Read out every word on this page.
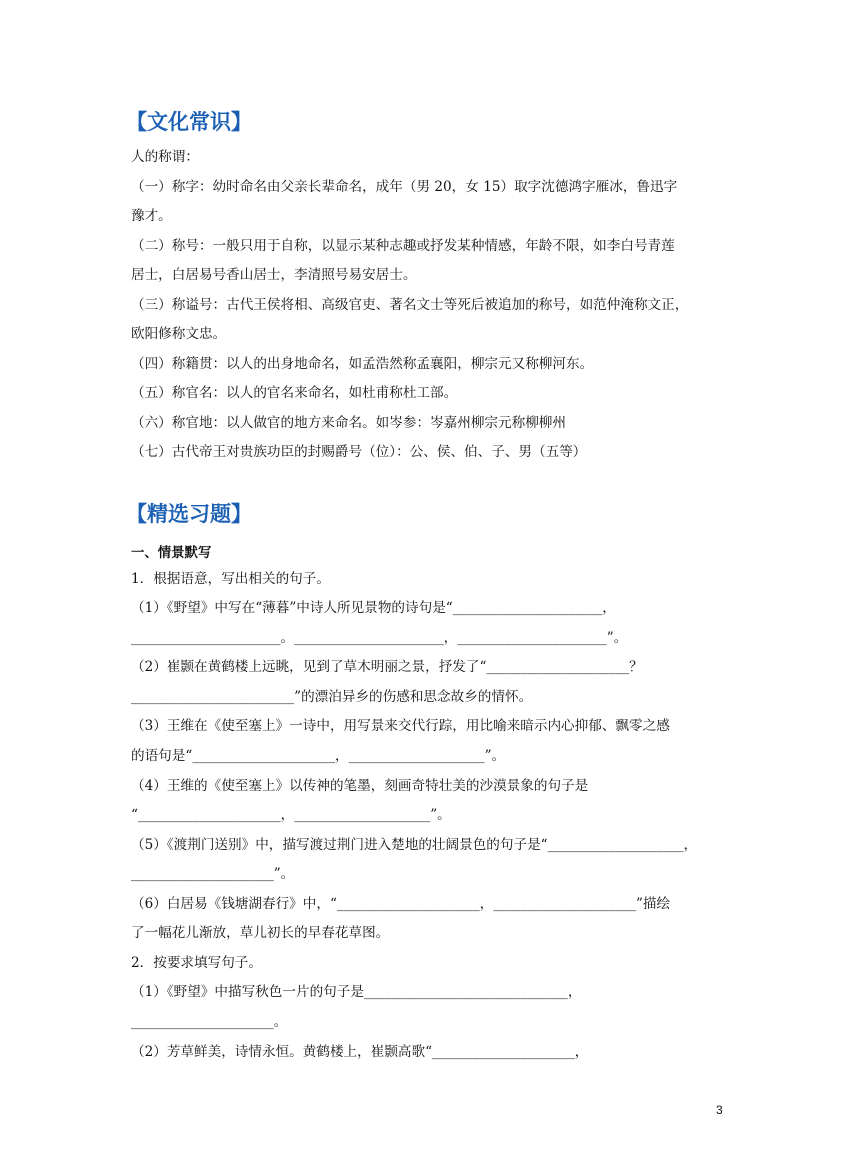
【文化常识】
人的称谓：
（一）称字：幼时命名由父亲长辈命名，成年（男 20，女 15）取字沈德鸿字雁冰，鲁迅字
豫才。
（二）称号：一般只用于自称，以显示某种志趣或抒发某种情感，年龄不限，如李白号青莲
居士，白居易号香山居士，李清照号易安居士。
（三）称谥号：古代王侯将相、高级官吏、著名文士等死后被追加的称号，如范仲淹称文正，
欧阳修称文忠。
（四）称籍贯：以人的出身地命名，如孟浩然称孟襄阳，柳宗元又称柳河东。
（五）称官名：以人的官名来命名，如杜甫称杜工部。
（六）称官地：以人做官的地方来命名。如岑参：岑嘉州柳宗元称柳柳州
（七）古代帝王对贵族功臣的封赐爵号（位）：公、侯、伯、子、男（五等）
【精选习题】
一、情景默写
1．根据语意，写出相关的句子。
（1）《野望》中写在“薄暮”中诗人所见景物的诗句是“______________________，
______________________。______________________，______________________”。
（2）崔颢在黄鹤楼上远眺，见到了草木明丽之景，抒发了“_____________________？
________________________”的漂泊异乡的伤感和思念故乡的情怀。
（3）王维在《使至塞上》一诗中，用写景来交代行踪，用比喻来暗示内心抑郁、飘零之感
的语句是“_____________________，____________________”。
（4）王维的《使至塞上》以传神的笔墨，刻画奇特壮美的沙漠景象的句子是
“_____________________，____________________”。
（5）《渡荆门送别》中，描写渡过荆门进入楚地的壮阔景色的句子是“____________________，
_____________________”。
（6）白居易《钱塘湖春行》中，“_____________________，_____________________”描绘
了一幅花儿渐放，草儿初长的早春花草图。
2．按要求填写句子。
（1）《野望》中描写秋色一片的句子是______________________________，
_____________________。
（2）芳草鲜美，诗情永恒。黄鹤楼上，崔颢高歌“_____________________，
3
